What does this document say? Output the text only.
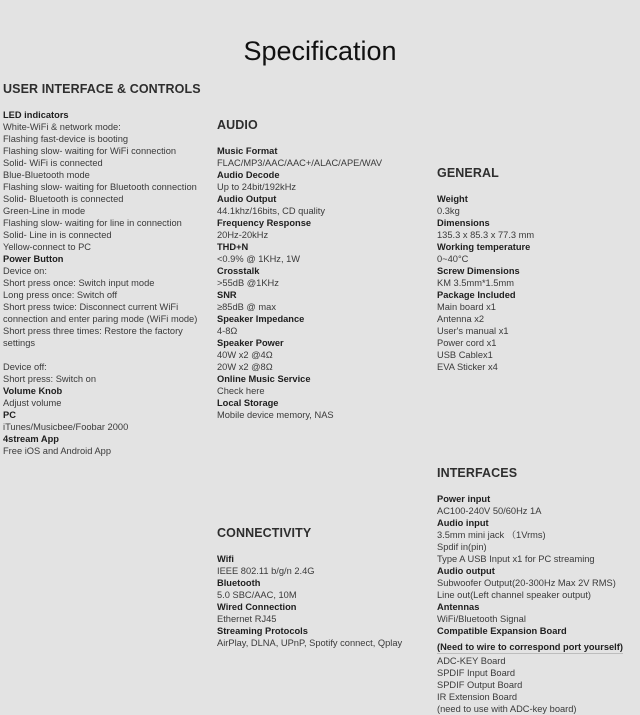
Specification
USER INTERFACE & CONTROLS
LED indicators
White-WiFi & network mode:
Flashing fast-device is booting
Flashing slow- waiting for WiFi connection
Solid- WiFi is connected
Blue-Bluetooth mode
Flashing slow- waiting for Bluetooth connection
Solid- Bluetooth is connected
Green-Line in mode
Flashing slow- waiting for line in connection
Solid- Line in is connected
Yellow-connect to PC
Power Button
Device on:
Short press once: Switch input mode
Long press once: Switch off
Short press twice: Disconnect current WiFi
connection and enter paring mode (WiFi mode)
Short press three times: Restore the factory
settings
Device off:
Short press: Switch on
Volume Knob
Adjust volume
PC
iTunes/Musicbee/Foobar 2000
4stream App
Free iOS and Android App
AUDIO
Music Format
FLAC/MP3/AAC/AAC+/ALAC/APE/WAV
Audio Decode
Up to 24bit/192kHz
Audio Output
44.1khz/16bits, CD quality
Frequency Response
20Hz-20kHz
THD+N
<0.9% @ 1KHz, 1W
Crosstalk
>55dB @1KHz
SNR
≥85dB @ max
Speaker Impedance
4-8Ω
Speaker Power
40W x2 @4Ω
20W x2 @8Ω
Online Music Service
Check here
Local Storage
Mobile device memory, NAS
GENERAL
Weight
0.3kg
Dimensions
135.3 x 85.3 x 77.3 mm
Working temperature
0~40°C
Screw Dimensions
KM 3.5mm*1.5mm
Package Included
Main board x1
Antenna x2
User's manual x1
Power cord x1
USB Cablex1
EVA Sticker x4
CONNECTIVITY
Wifi
IEEE 802.11 b/g/n 2.4G
Bluetooth
5.0 SBC/AAC, 10M
Wired Connection
Ethernet RJ45
Streaming Protocols
AirPlay, DLNA, UPnP, Spotify connect, Qplay
INTERFACES
Power input
AC100-240V 50/60Hz 1A
Audio input
3.5mm mini jack （1Vrms)
Spdif in(pin)
Type A USB Input x1 for PC streaming
Audio output
Subwoofer Output(20-300Hz Max 2V RMS)
Line out(Left channel speaker output)
Antennas
WiFi/Bluetooth Signal
Compatible Expansion Board
(Need to wire to correspond port yourself)
ADC-KEY Board
SPDIF Input Board
SPDIF Output Board
IR Extension Board
(need to use with ADC-key board)
